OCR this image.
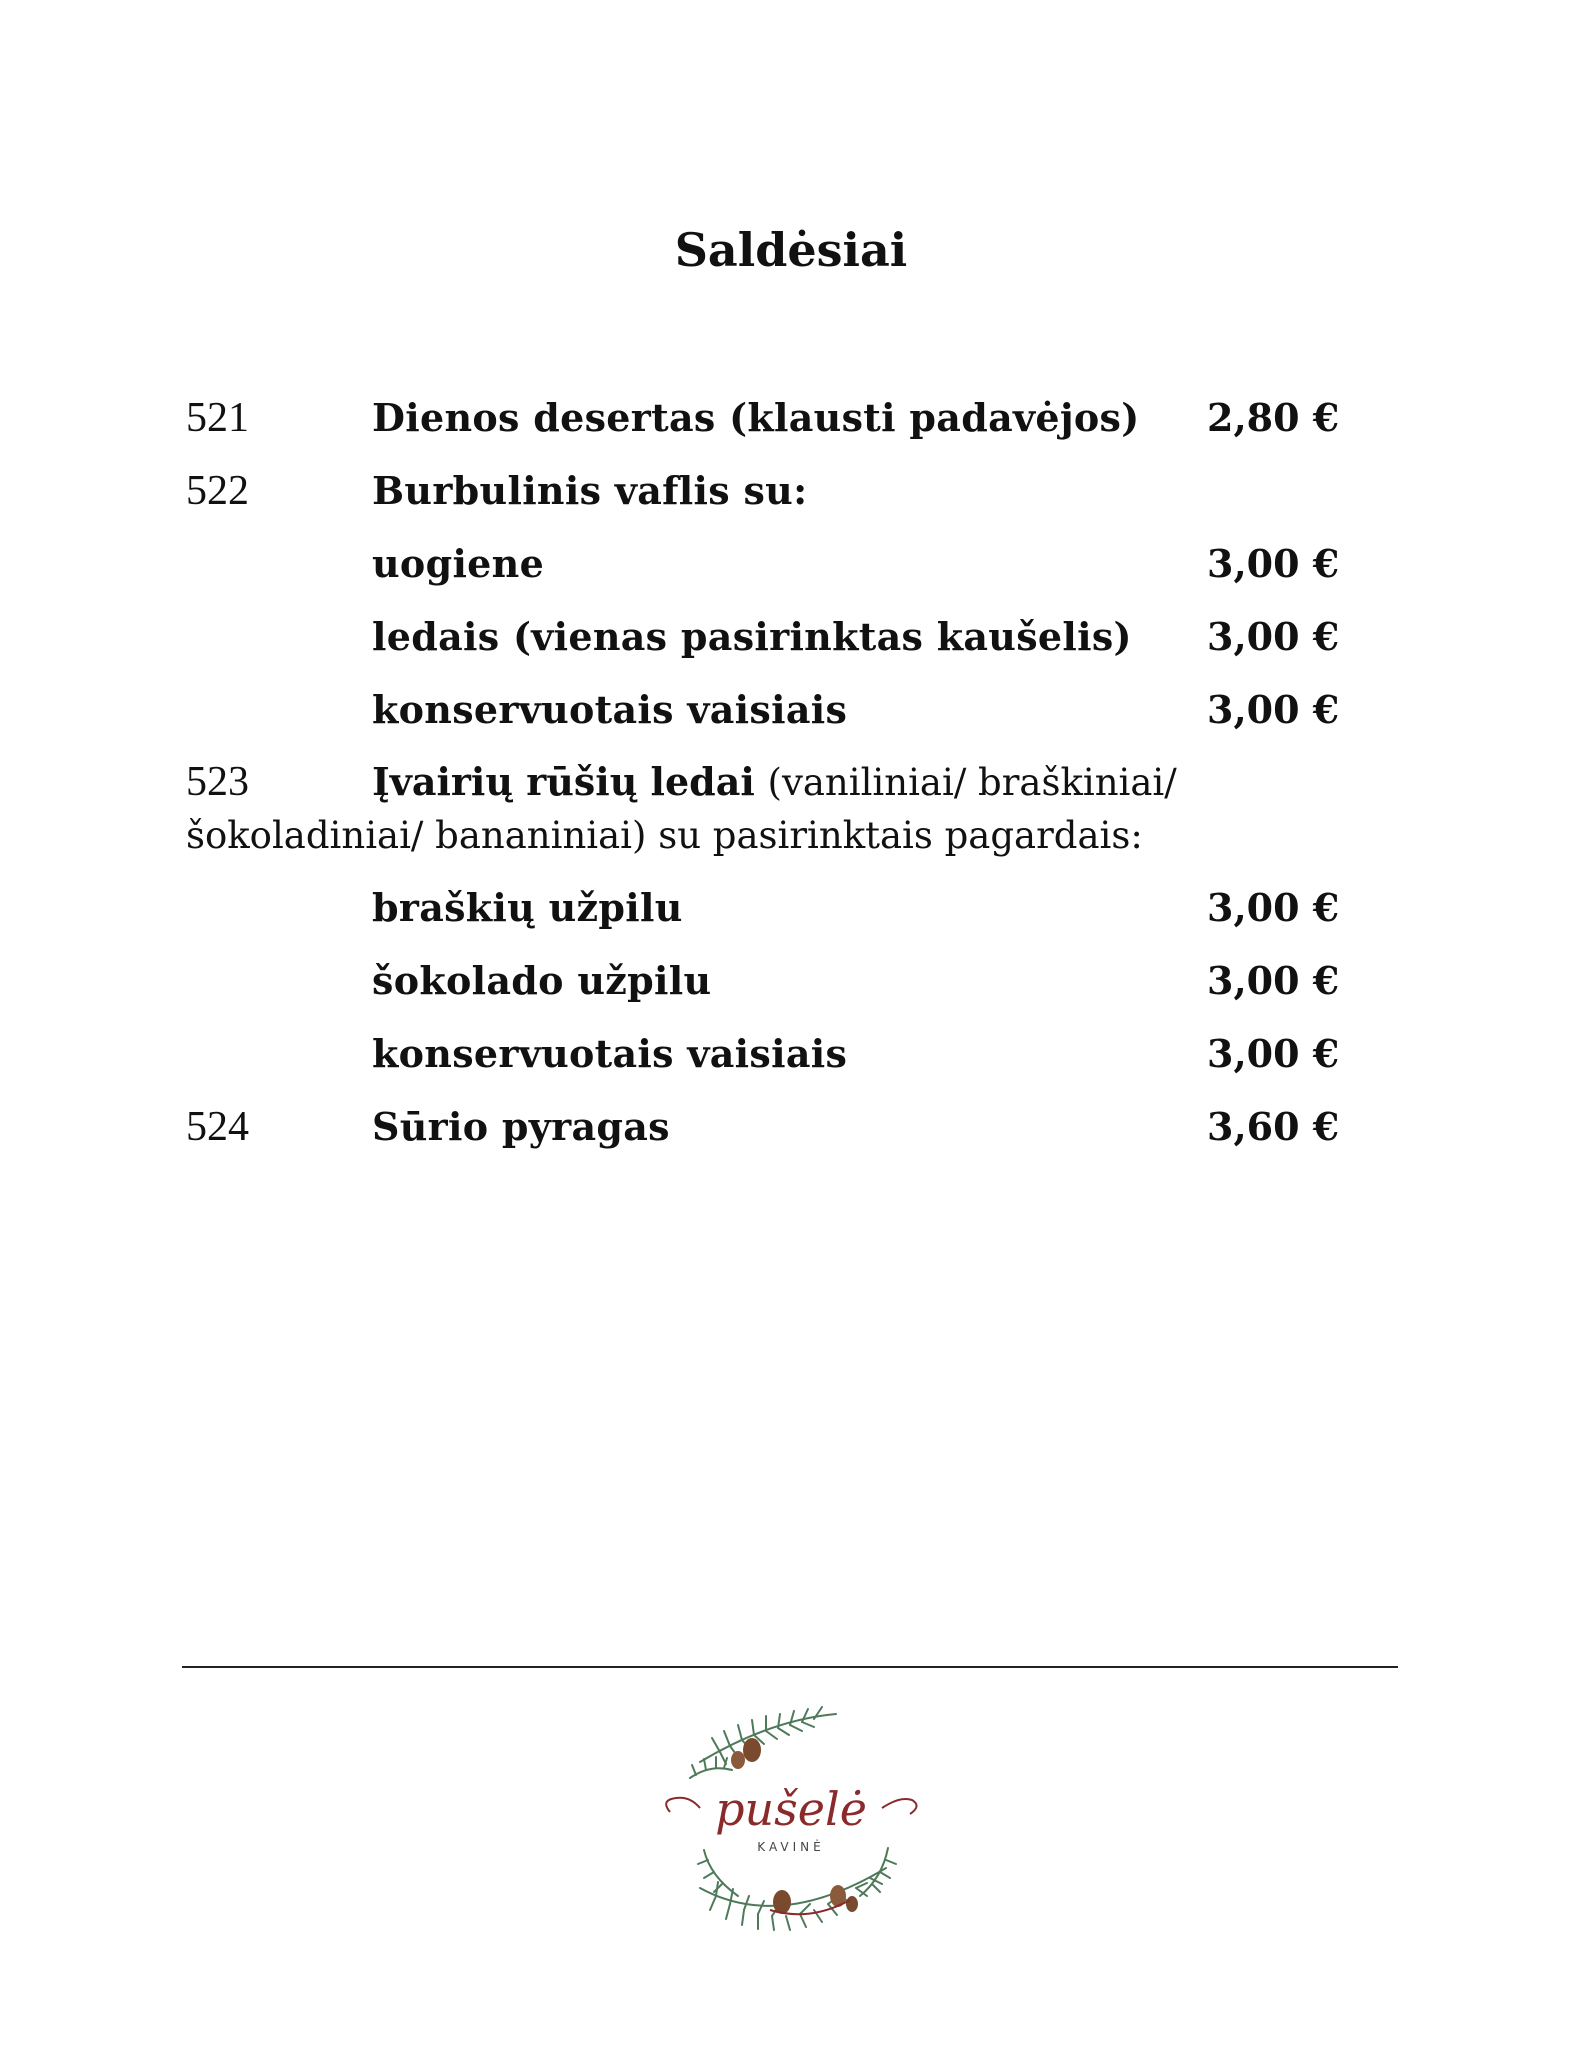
Saldėsiai
521	Dienos desertas (klausti padavėjos) 2,80 €
522	Burbulinis vaflis su:
uogiene	3,00 €
ledais (vienas pasirinktas kaušelis) 3,00 €
konservuotais vaisiais	3,00 €
523	Įvairių rūšių ledai (vaniliniai/ braškiniai/ šokoladiniai/ bananiniai) su pasirinktais pagardais:
braškių užpilu	3,00 €
šokolado užpilu	3,00 €
konservuotais vaisiais	3,00 €
524	Sūrio pyragas	3,60 €
pušelė
KAVINĖ
